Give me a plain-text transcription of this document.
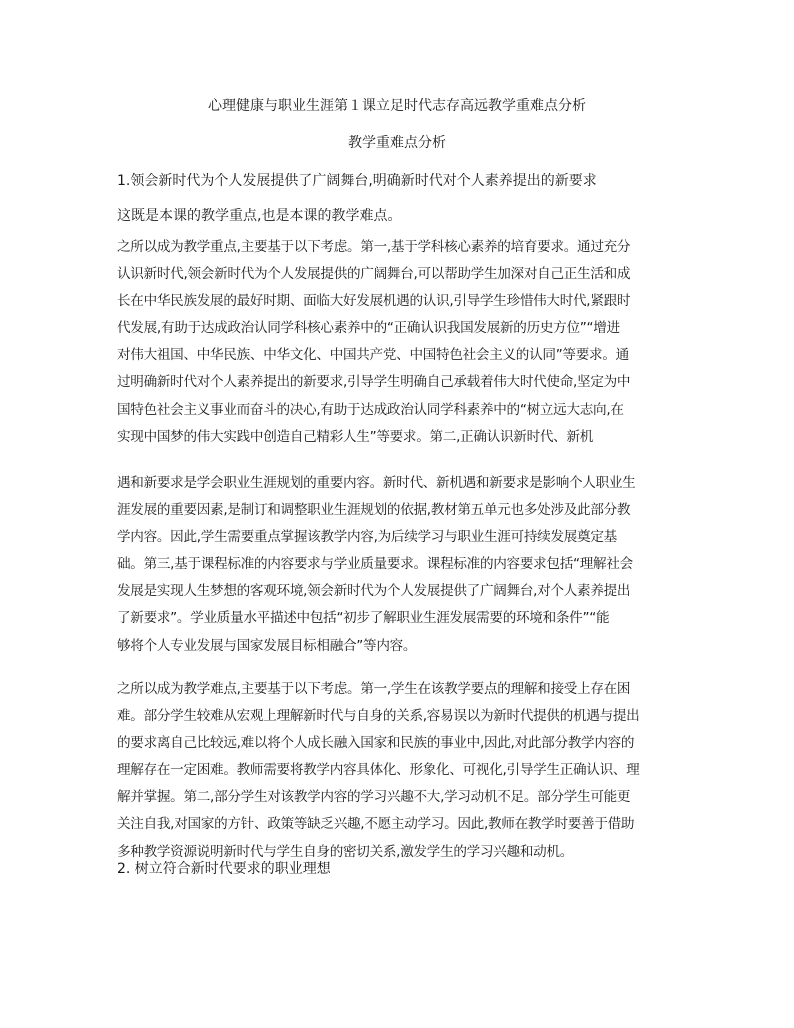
心理健康与职业生涯第１课立足时代志存高远教学重难点分析
教学重难点分析
1.领会新时代为个人发展提供了广阔舞台,明确新时代对个人素养提出的新要求
这既是本课的教学重点,也是本课的教学难点。
之所以成为教学重点,主要基于以下考虑。第一,基于学科核心素养的培育要求。通过充分
认识新时代,领会新时代为个人发展提供的广阔舞台,可以帮助学生加深对自己正生活和成
长在中华民族发展的最好时期、面临大好发展机遇的认识,引导学生珍惜伟大时代,紧跟时
代发展,有助于达成政治认同学科核心素养中的“正确认识我国发展新的历史方位”“增进
对伟大祖国、中华民族、中华文化、中国共产党、中国特色社会主义的认同”等要求。通
过明确新时代对个人素养提出的新要求,引导学生明确自己承载着伟大时代使命,坚定为中
国特色社会主义事业而奋斗的决心,有助于达成政治认同学科素养中的“树立远大志向,在
实现中国梦的伟大实践中创造自己精彩人生”等要求。第二,正确认识新时代、新机
遇和新要求是学会职业生涯规划的重要内容。新时代、新机遇和新要求是影响个人职业生
涯发展的重要因素,是制订和调整职业生涯规划的依据,教材第五单元也多处涉及此部分教
学内容。因此,学生需要重点掌握该教学内容,为后续学习与职业生涯可持续发展奠定基
础。第三,基于课程标准的内容要求与学业质量要求。课程标准的内容要求包括“理解社会
发展是实现人生梦想的客观环境,领会新时代为个人发展提供了广阔舞台,对个人素养提出
了新要求”。学业质量水平描述中包括“初步了解职业生涯发展需要的环境和条件”“能
够将个人专业发展与国家发展目标相融合”等内容。
之所以成为教学难点,主要基于以下考虑。第一,学生在该教学要点的理解和接受上存在困
难。部分学生较难从宏观上理解新时代与自身的关系,容易误以为新时代提供的机遇与提出
的要求离自己比较远,难以将个人成长融入国家和民族的事业中,因此,对此部分教学内容的
理解存在一定困难。教师需要将教学内容具体化、形象化、可视化,引导学生正确认识、理
解并掌握。第二,部分学生对该教学内容的学习兴趣不大,学习动机不足。部分学生可能更
关注自我,对国家的方针、政策等缺乏兴趣,不愿主动学习。因此,教师在教学时要善于借助
多种教学资源说明新时代与学生自身的密切关系,激发学生的学习兴趣和动机。
2. 树立符合新时代要求的职业理想
